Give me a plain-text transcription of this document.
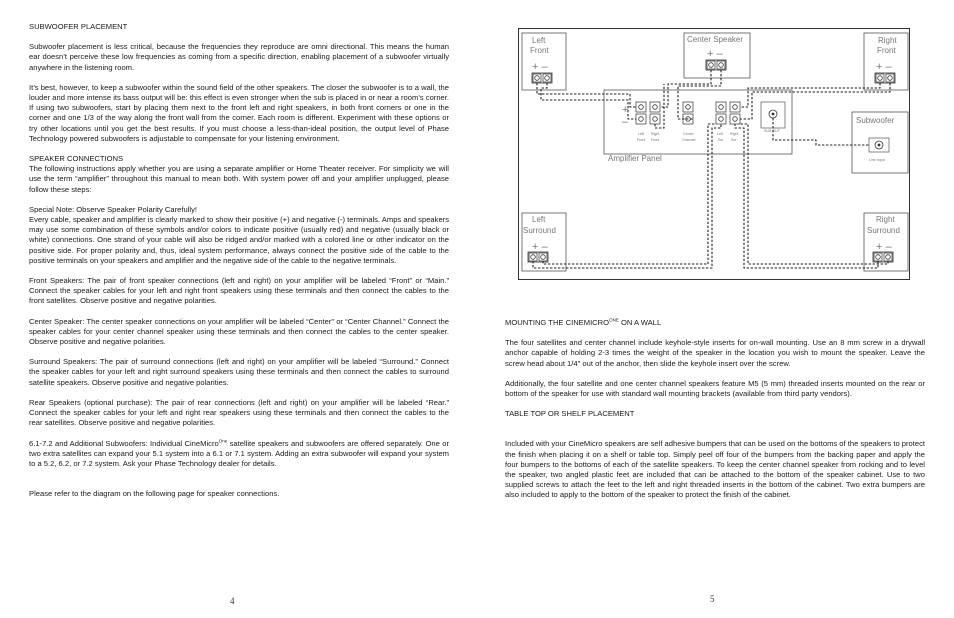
SUBWOOFER PLACEMENT

Subwoofer placement is less critical, because the frequencies they reproduce are omni directional. This means the human ear doesn’t perceive these low frequencies as coming from a specific direction, enabling placement of a subwoofer virtually anywhere in the listening room.

It’s best, however, to keep a subwoofer within the sound field of the other speakers. The closer the subwoofer is to a wall, the louder and more intense its bass output will be: this effect is even stronger when the sub is placed in or near a room’s corner. If using two subwoofers, start by placing them next to the front left and right speakers, in both front corners or one in the corner and one 1/3 of the way along the front wall from the corner. Each room is different. Experiment with these options or try other locations until you get the best results. If you must choose a less-than-ideal position, the output level of Phase Technology powered subwoofers is adjustable to compensate for your listening environment.

SPEAKER CONNECTIONS

The following instructions apply whether you are using a separate amplifier or Home Theater receiver. For simplicity we will use the term “amplifier” throughout this manual to mean both. With system power off and your amplifier unplugged, please follow these steps:

Special Note: Observe Speaker Polarity Carefully!

Every cable, speaker and amplifier is clearly marked to show their positive (+) and negative (-) terminals. Amps and speakers may use some combination of these symbols and/or colors to indicate positive (usually red) and negative (usually black or white) connections. One strand of your cable will also be ridged and/or marked with a colored line or other indicator on the positive side. For proper polarity and, thus, ideal system performance, always connect the positive side of the cable to the positive terminals on your speakers and amplifier and the negative side of the cable to the negative terminals.

Front Speakers: The pair of front speaker connections (left and right) on your amplifier will be labeled “Front” or “Main.” Connect the speaker cables for your left and right front speakers using these terminals and then connect the cables to the front satellites. Observe positive and negative polarities.

Center Speaker: The center speaker connections on your amplifier will be labeled “Center” or “Center Channel.” Connect the speaker cables for your center channel speaker using these terminals and then connect the cables to the center speaker. Observe positive and negative polarities.

Surround Speakers: The pair of surround connections (left and right) on your amplifier will be labeled “Surround.” Connect the speaker cables for your left and right surround speakers using these terminals and then connect the cables to surround satellite speakers. Observe positive and negative polarities.

Rear Speakers (optional purchase): The pair of rear connections (left and right) on your amplifier will be labeled “Rear.” Connect the speaker cables for your left and right rear speakers using these terminals and then connect the cables to the rear satellites. Observe positive and negative polarities.

6.1-7.2 and Additional Subwoofers: Individual CineMicro$^{One}$ satellite speakers and subwoofers are offered separately. One or two extra satellites can expand your 5.1 system into a 6.1 or 7.1 system. Adding an extra subwoofer will expand your system to a 5.2, 6.2, or 7.2 system. Ask your Phase Technology dealer for details.

Please refer to the diagram on the following page for speaker connections.

4

MOUNTING THE $CINEMICRO^{ONE}$ ON A WALL

The four satellites and center channel include keyhole-style inserts for on-wall mounting. Use an 8 mm screw in a drywall anchor capable of holding 2-3 times the weight of the speaker in the location you wish to mount the speaker. Leave the screw head about 1/4" out of the anchor, then slide the keyhole insert over the screw.

Additionally, the four satellite and one center channel speakers feature M5 (5 mm) threaded inserts mounted on the rear or bottom of the speaker for use with standard wall mounting brackets (available from third party vendors).

TABLE TOP OR SHELF PLACEMENT

Included with your CineMicro speakers are self adhesive bumpers that can be used on the bottoms of the speakers to protect the finish when placing it on a shelf or table top. Simply peel off four of the bumpers from the backing paper and apply the four bumpers to the bottoms of each of the satellite speakers. To keep the center channel speaker from rocking and to level the speaker, two angled plastic feet are included that can be attached to the bottom of the speaker cabinet. Use to two supplied screws to attach the feet to the left and right threaded inserts in the bottom of the cabinet. Two extra bumpers are also included to apply to the bottom of the speaker to protect the finish of the cabinet.

5
Left
Front
+ –
Center Speaker
+ –
Right
Front
+ –
Amplifier Panel
+
–
Left
Front
Right
Front
Center
Channel
Left
Sur
Right
Sur
SUB OUT
Subwoofer
Line Input
Left
Surround
+ –
Right
Surround
+ –
